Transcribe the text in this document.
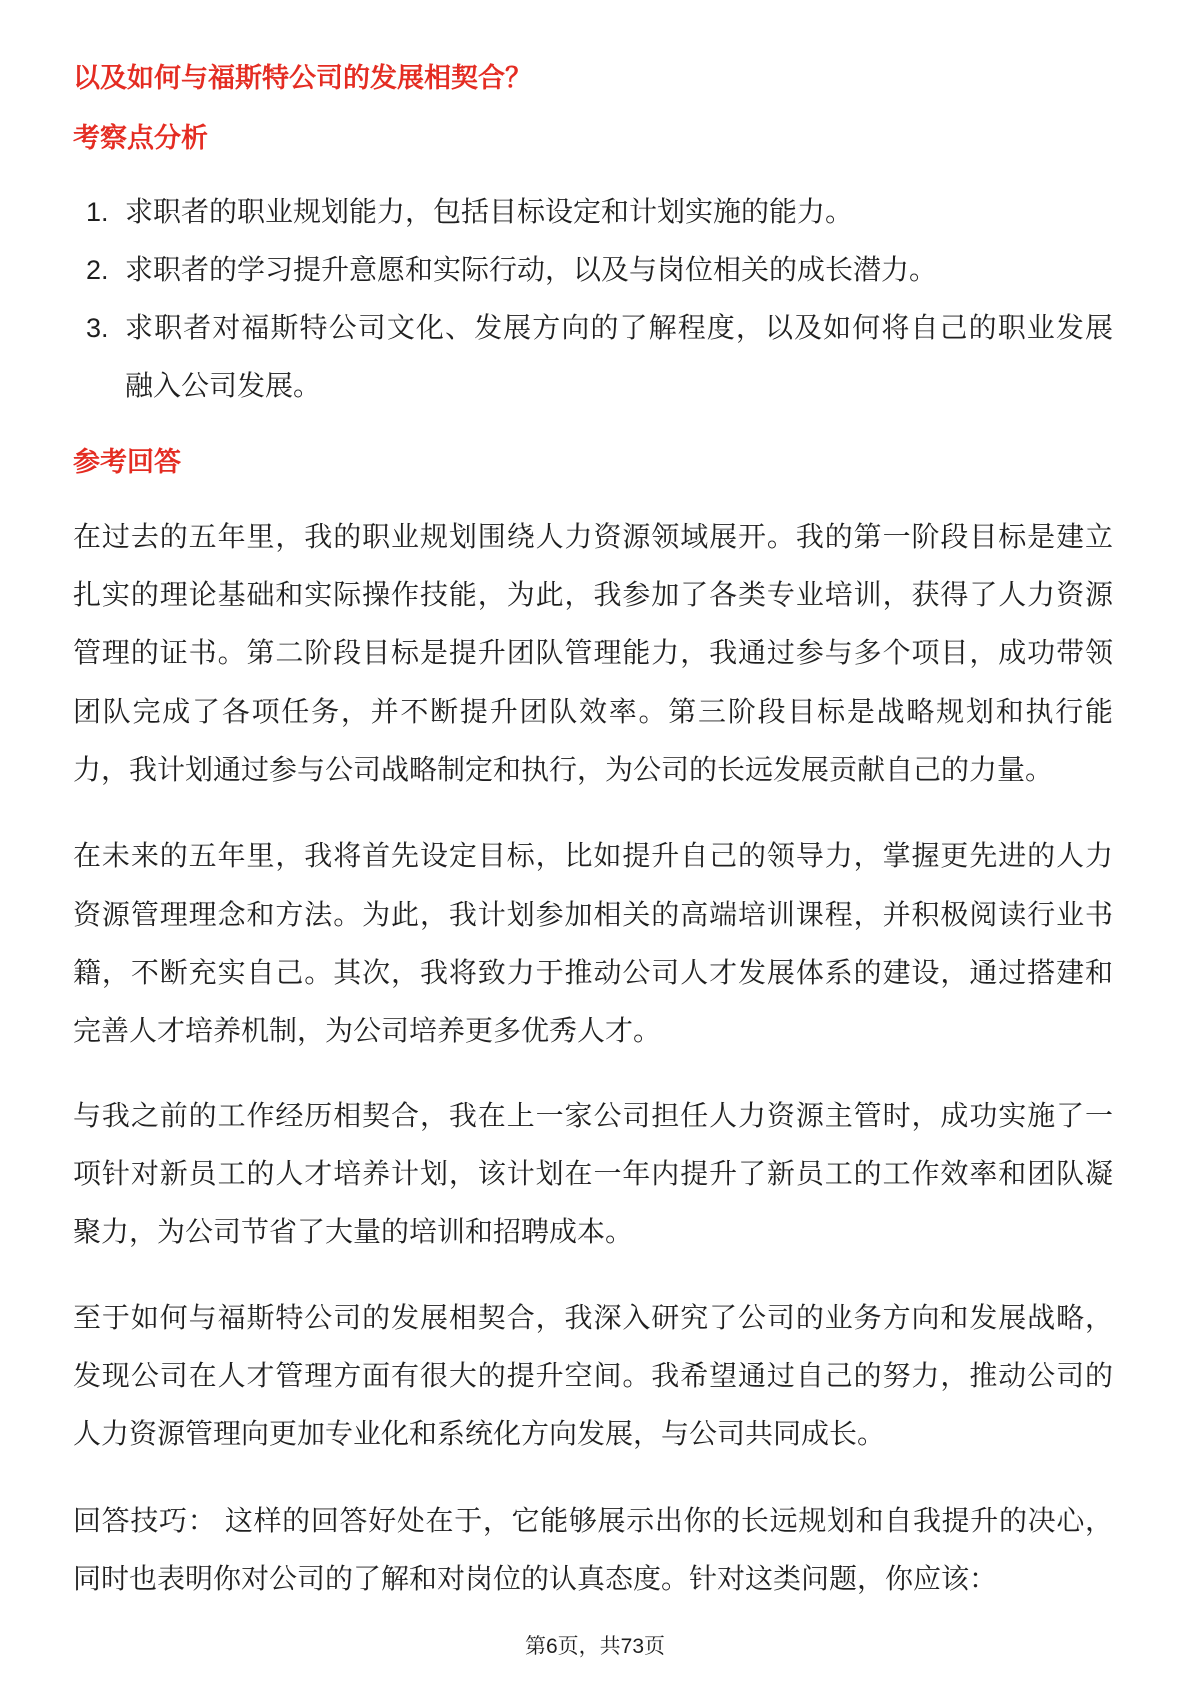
以及如何与福斯特公司的发展相契合？
考察点分析
1. 求职者的职业规划能力，包括目标设定和计划实施的能力。
2. 求职者的学习提升意愿和实际行动，以及与岗位相关的成长潜力。
3. 求职者对福斯特公司文化、发展方向的了解程度，以及如何将自己的职业发展
融入公司发展。
参考回答
在过去的五年里，我的职业规划围绕人力资源领域展开。我的第一阶段目标是建立
扎实的理论基础和实际操作技能，为此，我参加了各类专业培训，获得了人力资源
管理的证书。第二阶段目标是提升团队管理能力，我通过参与多个项目，成功带领
团队完成了各项任务，并不断提升团队效率。第三阶段目标是战略规划和执行能
力，我计划通过参与公司战略制定和执行，为公司的长远发展贡献自己的力量。
在未来的五年里，我将首先设定目标，比如提升自己的领导力，掌握更先进的人力
资源管理理念和方法。为此，我计划参加相关的高端培训课程，并积极阅读行业书
籍，不断充实自己。其次，我将致力于推动公司人才发展体系的建设，通过搭建和
完善人才培养机制，为公司培养更多优秀人才。
与我之前的工作经历相契合，我在上一家公司担任人力资源主管时，成功实施了一
项针对新员工的人才培养计划，该计划在一年内提升了新员工的工作效率和团队凝
聚力，为公司节省了大量的培训和招聘成本。
至于如何与福斯特公司的发展相契合，我深入研究了公司的业务方向和发展战略，
发现公司在人才管理方面有很大的提升空间。我希望通过自己的努力，推动公司的
人力资源管理向更加专业化和系统化方向发展，与公司共同成长。
回答技巧： 这样的回答好处在于，它能够展示出你的长远规划和自我提升的决心，
同时也表明你对公司的了解和对岗位的认真态度。针对这类问题，你应该：
第6页，共73页
